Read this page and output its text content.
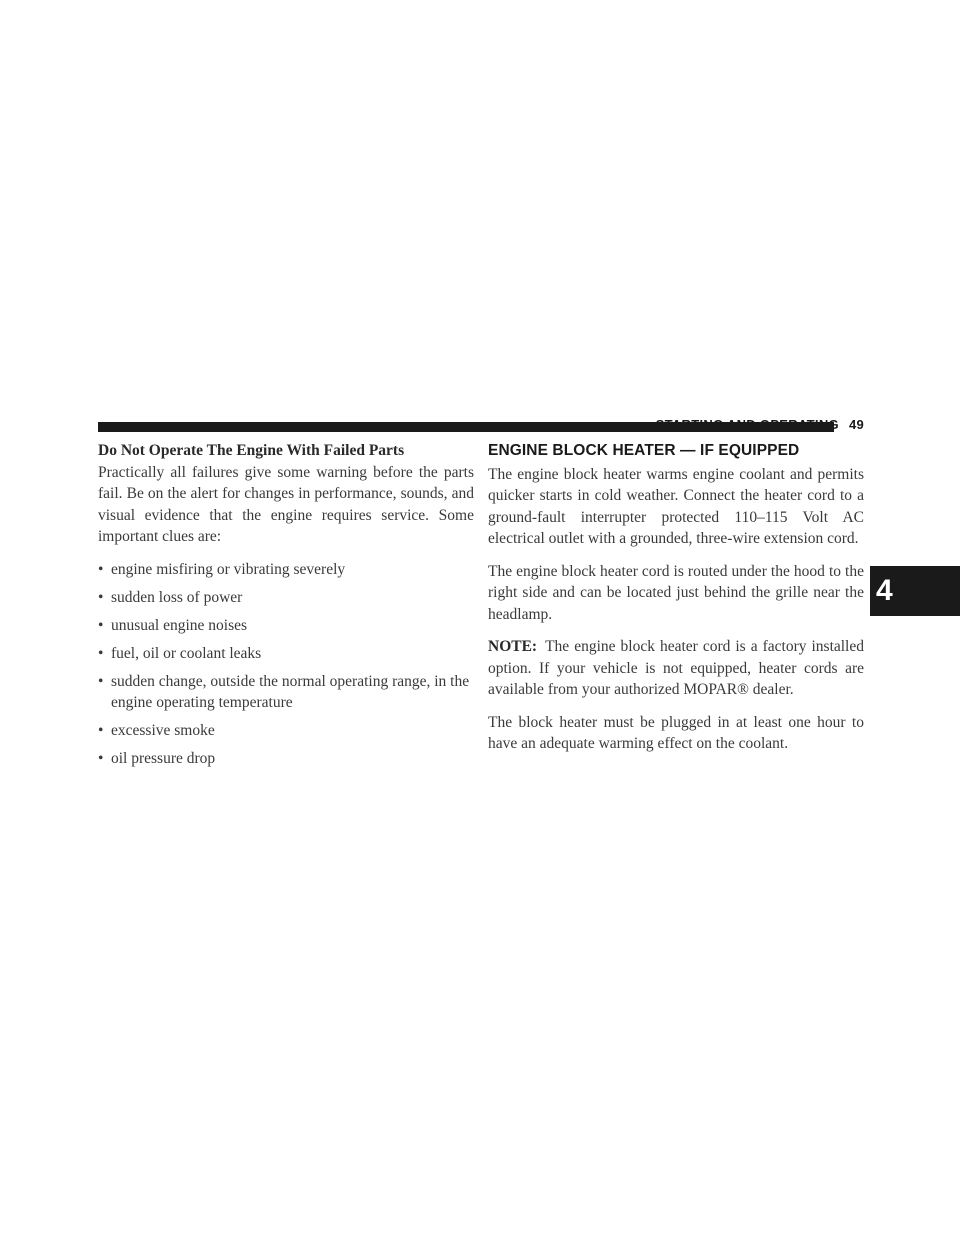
STARTING AND OPERATING 49
4

Do Not Operate The Engine With Failed Parts

Practically all failures give some warning before the parts fail. Be on the alert for changes in performance, sounds, and visual evidence that the engine requires service. Some important clues are:

• engine misfiring or vibrating severely
• sudden loss of power
• unusual engine noises
• fuel, oil or coolant leaks
• sudden change, outside the normal operating range, in the engine operating temperature
• excessive smoke
• oil pressure drop
ENGINE BLOCK HEATER — IF EQUIPPED

The engine block heater warms engine coolant and permits quicker starts in cold weather. Connect the heater cord to a ground-fault interrupter protected 110–115 Volt AC electrical outlet with a grounded, three-wire extension cord.

The engine block heater cord is routed under the hood to the right side and can be located just behind the grille near the headlamp.

NOTE: The engine block heater cord is a factory installed option. If your vehicle is not equipped, heater cords are available from your authorized MOPAR® dealer.

The block heater must be plugged in at least one hour to have an adequate warming effect on the coolant.
